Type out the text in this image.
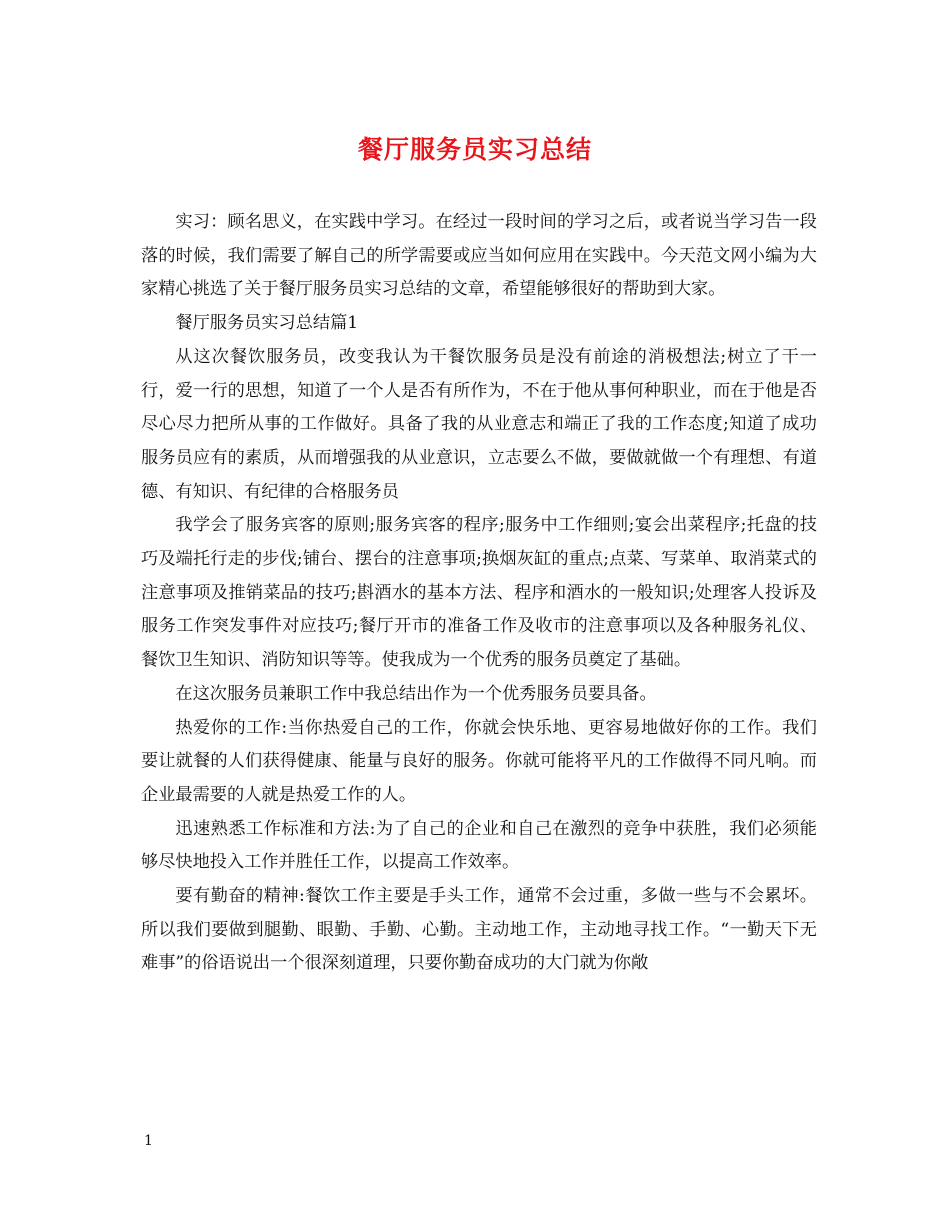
餐厅服务员实习总结

实习：顾名思义，在实践中学习。在经过一段时间的学习之后，或者说当学习告一段落的时候，我们需要了解自己的所学需要或应当如何应用在实践中。今天范文网小编为大家精心挑选了关于餐厅服务员实习总结的文章，希望能够很好的帮助到大家。

餐厅服务员实习总结篇1

从这次餐饮服务员，改变我认为干餐饮服务员是没有前途的消极想法;树立了干一行，爱一行的思想，知道了一个人是否有所作为，不在于他从事何种职业，而在于他是否尽心尽力把所从事的工作做好。具备了我的从业意志和端正了我的工作态度;知道了成功服务员应有的素质，从而增强我的从业意识，立志要么不做，要做就做一个有理想、有道德、有知识、有纪律的合格服务员

我学会了服务宾客的原则;服务宾客的程序;服务中工作细则;宴会出菜程序;托盘的技巧及端托行走的步伐;铺台、摆台的注意事项;换烟灰缸的重点;点菜、写菜单、取消菜式的注意事项及推销菜品的技巧;斟酒水的基本方法、程序和酒水的一般知识;处理客人投诉及服务工作突发事件对应技巧;餐厅开市的准备工作及收市的注意事项以及各种服务礼仪、餐饮卫生知识、消防知识等等。使我成为一个优秀的服务员奠定了基础。

在这次服务员兼职工作中我总结出作为一个优秀服务员要具备。

热爱你的工作:当你热爱自己的工作，你就会快乐地、更容易地做好你的工作。我们要让就餐的人们获得健康、能量与良好的服务。你就可能将平凡的工作做得不同凡响。而企业最需要的人就是热爱工作的人。

迅速熟悉工作标准和方法:为了自己的企业和自己在激烈的竞争中获胜，我们必须能够尽快地投入工作并胜任工作，以提高工作效率。

要有勤奋的精神:餐饮工作主要是手头工作，通常不会过重，多做一些与不会累坏。所以我们要做到腿勤、眼勤、手勤、心勤。主动地工作，主动地寻找工作。“一勤天下无难事”的俗语说出一个很深刻道理，只要你勤奋成功的大门就为你敞

1
